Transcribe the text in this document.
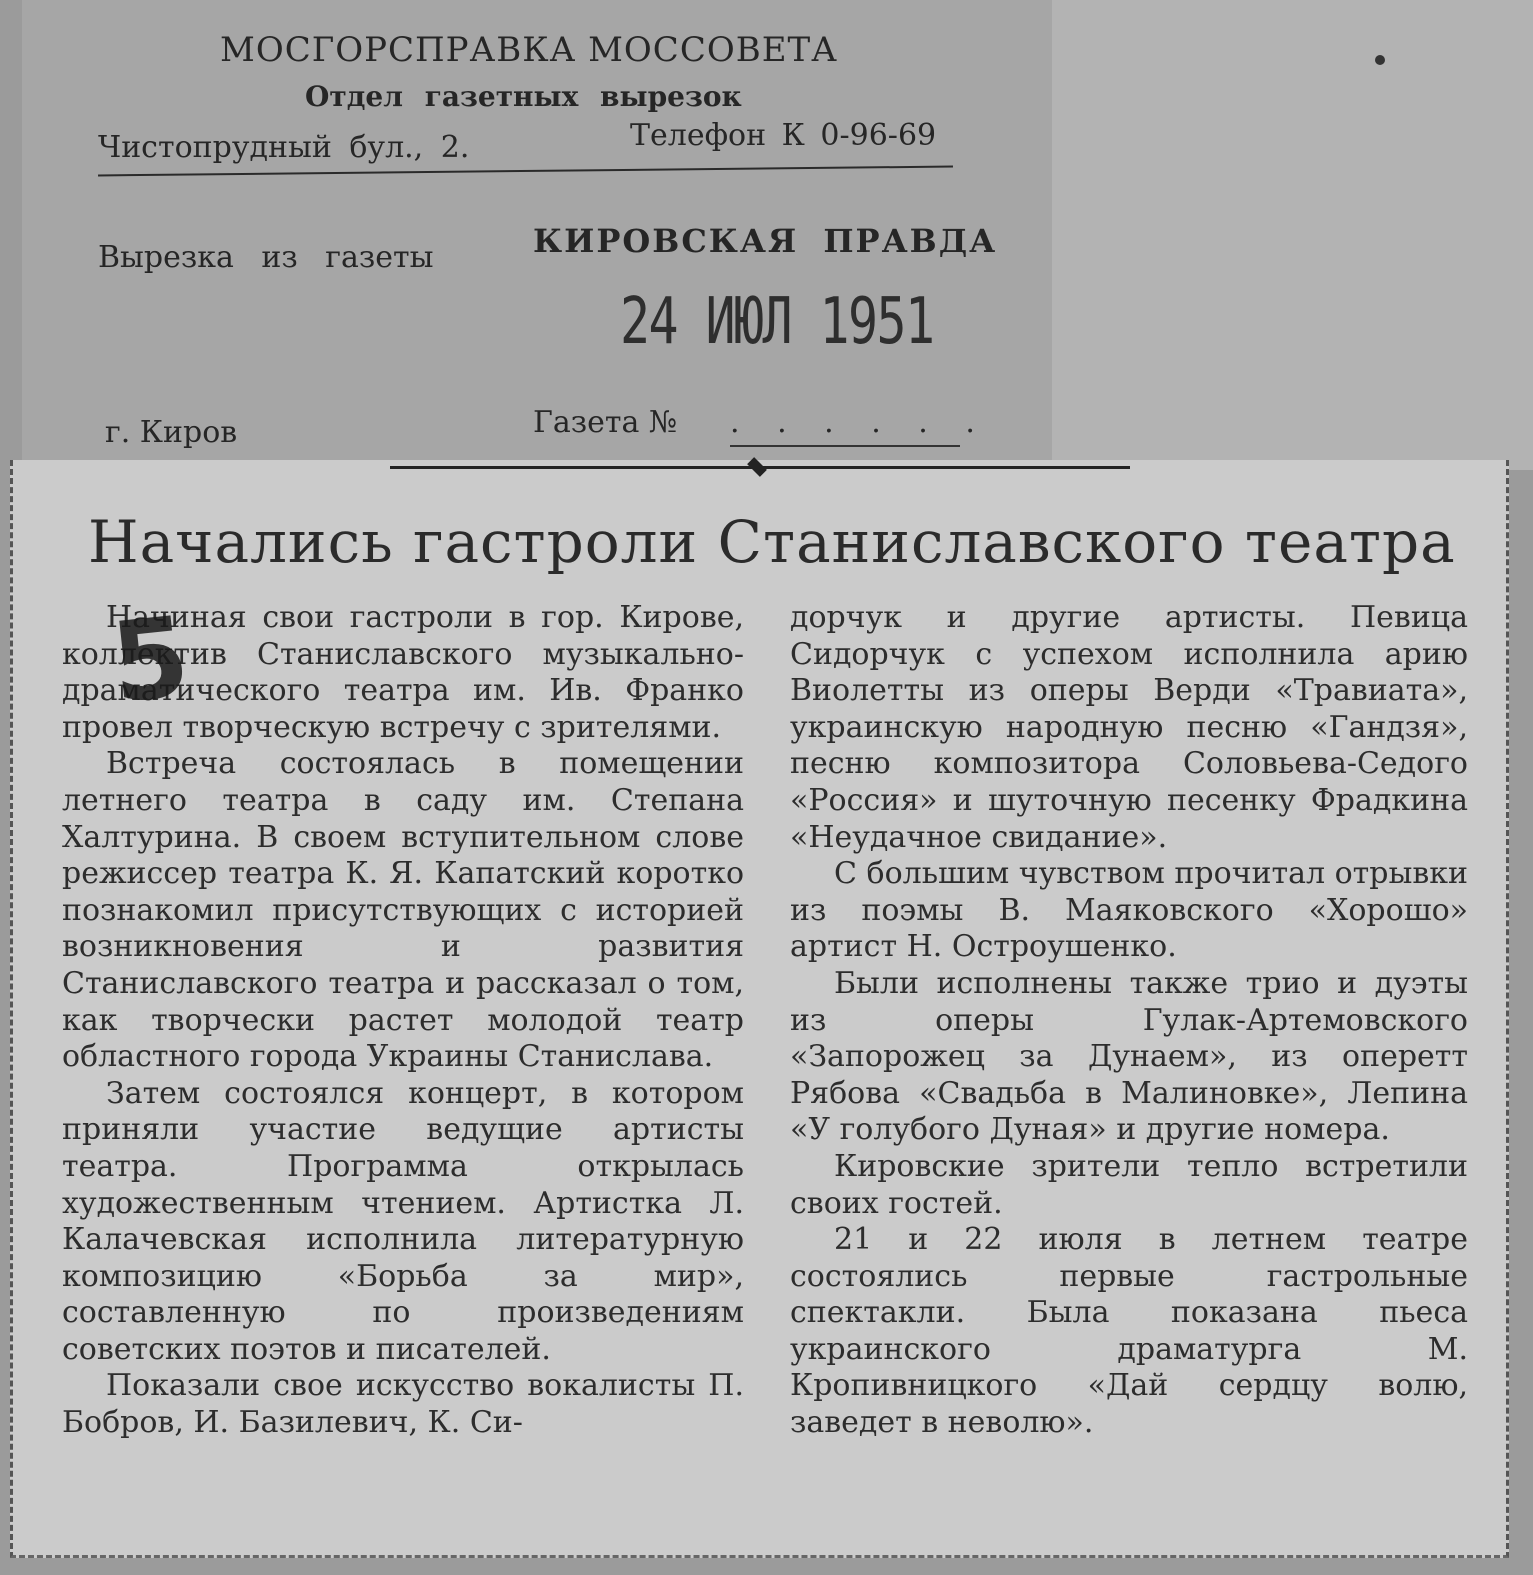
МОСГОРСПРАВКА МОССОВЕТА
Отдел газетных вырезок
Чистопрудный бул., 2.	Телефон К 0-96-69
Вырезка из газеты	КИРОВСКАЯ ПРАВДА
24 ИЮЛ 1951
г. Киров	Газета № . . . . . .
Начались гастроли Станиславского театра

Начиная свои гастроли в гор. Кирове, коллектив Станиславского музыкально-драматического театра им. Ив. Франко провел творческую встречу с зрителями.

Встреча состоялась в помещении летнего театра в саду им. Степана Халтурина. В своем вступительном слове режиссер театра К. Я. Капатский коротко познакомил присутствующих с историей возникновения и развития Станиславского театра и рассказал о том, как творчески растет молодой театр областного города Украины Станислава.

Затем состоялся концерт, в котором приняли участие ведущие артисты театра. Программа открылась художественным чтением. Артистка Л. Калачевская исполнила литературную композицию «Борьба за мир», составленную по произведениям советских поэтов и писателей.

Показали свое искусство вокалисты П. Бобров, И. Базилевич, К. Си-

дорчук и другие артисты. Певица Сидорчук с успехом исполнила арию Виолетты из оперы Верди «Травиата», украинскую народную песню «Гандзя», песню композитора Соловьева-Седого «Россия» и шуточную песенку Фрадкина «Неудачное свидание».

С большим чувством прочитал отрывки из поэмы В. Маяковского «Хорошо» артист Н. Остроушенко.

Были исполнены также трио и дуэты из оперы Гулак-Артемовского «Запорожец за Дунаем», из оперетт Рябова «Свадьба в Малиновке», Лепина «У голубого Дуная» и другие номера.

Кировские зрители тепло встретили своих гостей.

21 и 22 июля в летнем театре состоялись первые гастрольные спектакли. Была показана пьеса украинского драматурга М. Кропивницкого «Дай сердцу волю, заведет в неволю».

5
